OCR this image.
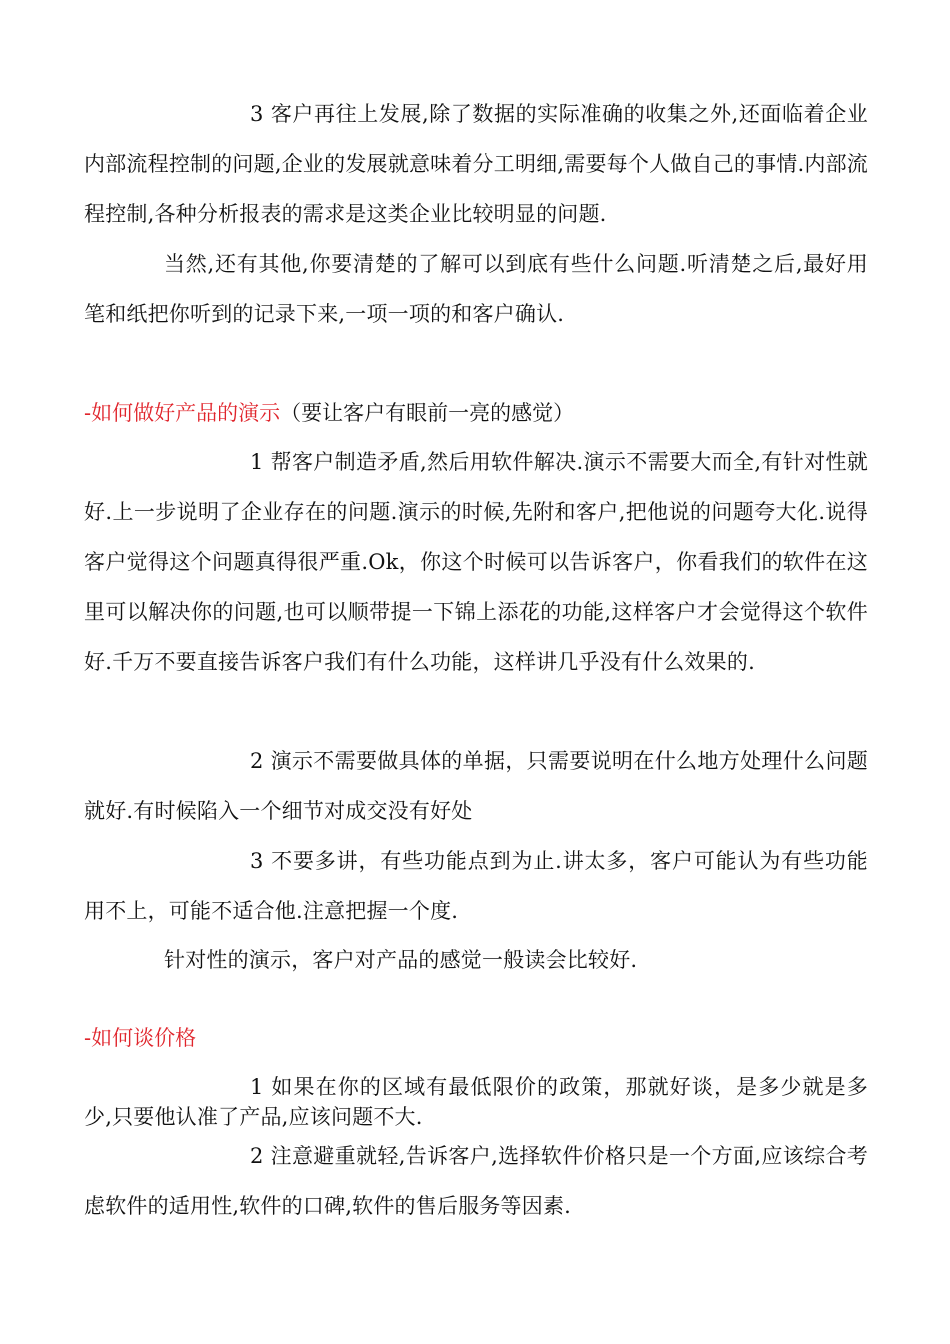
3 客户再往上发展,除了数据的实际准确的收集之外,还面临着企业内部流程控制的问题,企业的发展就意味着分工明细,需要每个人做自己的事情.内部流程控制,各种分析报表的需求是这类企业比较明显的问题.

当然,还有其他,你要清楚的了解可以到底有些什么问题.听清楚之后,最好用笔和纸把你听到的记录下来,一项一项的和客户确认.

-如何做好产品的演示（要让客户有眼前一亮的感觉）

1 帮客户制造矛盾,然后用软件解决.演示不需要大而全,有针对性就好.上一步说明了企业存在的问题.演示的时候,先附和客户,把他说的问题夸大化.说得客户觉得这个问题真得很严重.Ok，你这个时候可以告诉客户，你看我们的软件在这里可以解决你的问题,也可以顺带提一下锦上添花的功能,这样客户才会觉得这个软件好.千万不要直接告诉客户我们有什么功能，这样讲几乎没有什么效果的.

2 演示不需要做具体的单据，只需要说明在什么地方处理什么问题就好.有时候陷入一个细节对成交没有好处

3 不要多讲，有些功能点到为止.讲太多，客户可能认为有些功能用不上，可能不适合他.注意把握一个度.

针对性的演示，客户对产品的感觉一般读会比较好.

-如何谈价格

1 如果在你的区域有最低限价的政策，那就好谈，是多少就是多少,只要他认准了产品,应该问题不大.

2 注意避重就轻,告诉客户,选择软件价格只是一个方面,应该综合考虑软件的适用性,软件的口碑,软件的售后服务等因素.
